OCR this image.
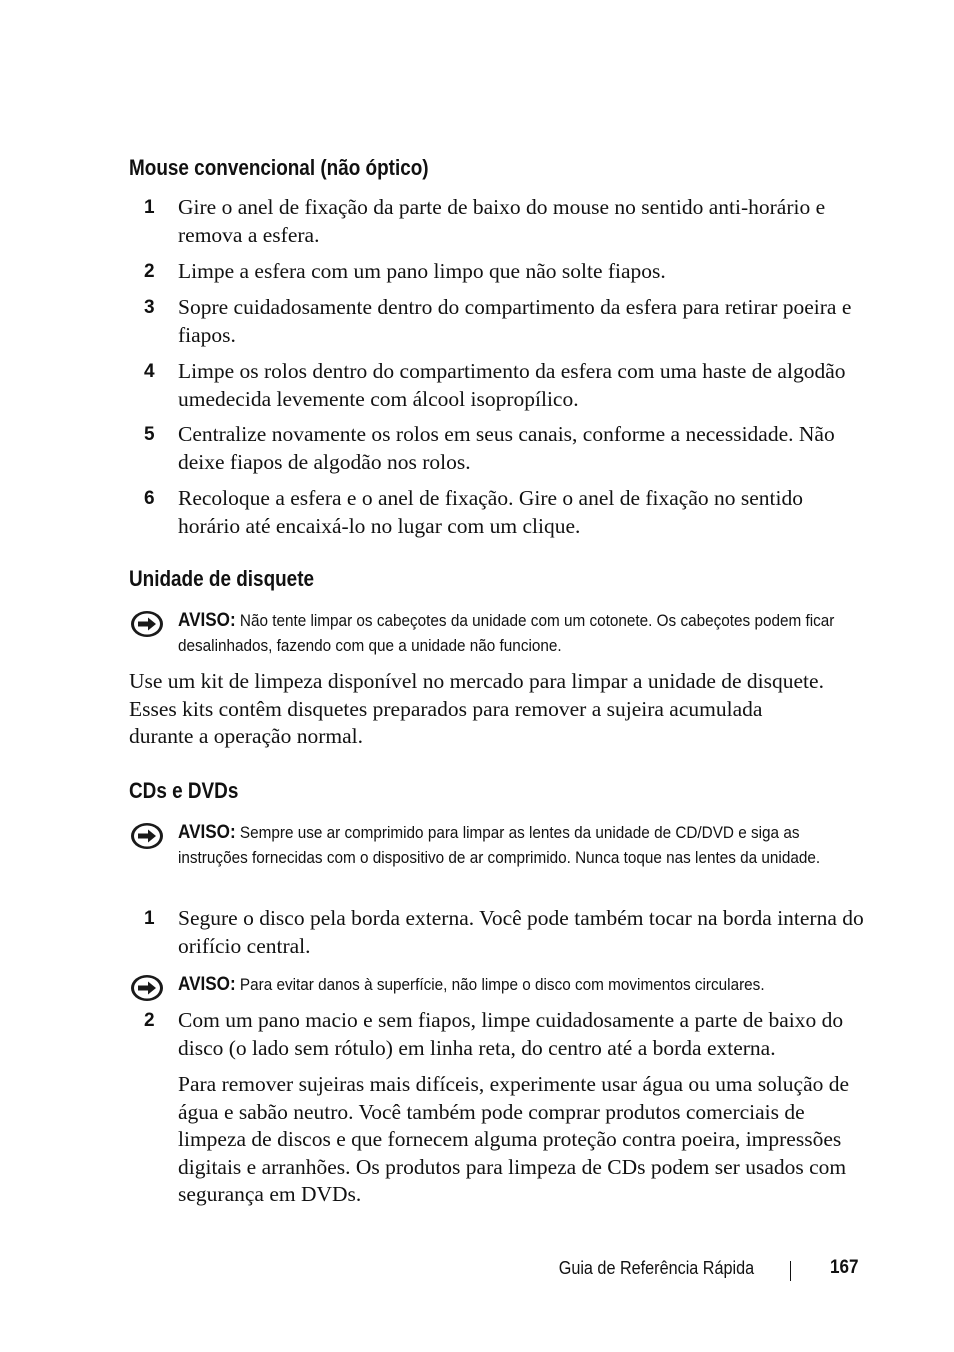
Mouse convencional (não óptico)
1 Gire o anel de fixação da parte de baixo do mouse no sentido anti-horário e remova a esfera.
2 Limpe a esfera com um pano limpo que não solte fiapos.
3 Sopre cuidadosamente dentro do compartimento da esfera para retirar poeira e fiapos.
4 Limpe os rolos dentro do compartimento da esfera com uma haste de algodão umedecida levemente com álcool isopropílico.
5 Centralize novamente os rolos em seus canais, conforme a necessidade. Não deixe fiapos de algodão nos rolos.
6 Recoloque a esfera e o anel de fixação. Gire o anel de fixação no sentido horário até encaixá-lo no lugar com um clique.
Unidade de disquete
AVISO: Não tente limpar os cabeçotes da unidade com um cotonete. Os cabeçotes podem ficar desalinhados, fazendo com que a unidade não funcione.
Use um kit de limpeza disponível no mercado para limpar a unidade de disquete. Esses kits contêm disquetes preparados para remover a sujeira acumulada durante a operação normal.
CDs e DVDs
AVISO: Sempre use ar comprimido para limpar as lentes da unidade de CD/DVD e siga as instruções fornecidas com o dispositivo de ar comprimido. Nunca toque nas lentes da unidade.
1 Segure o disco pela borda externa. Você pode também tocar na borda interna do orifício central.
AVISO: Para evitar danos à superfície, não limpe o disco com movimentos circulares.
2 Com um pano macio e sem fiapos, limpe cuidadosamente a parte de baixo do disco (o lado sem rótulo) em linha reta, do centro até a borda externa.
Para remover sujeiras mais difíceis, experimente usar água ou uma solução de água e sabão neutro. Você também pode comprar produtos comerciais de limpeza de discos e que fornecem alguma proteção contra poeira, impressões digitais e arranhões. Os produtos para limpeza de CDs podem ser usados com segurança em DVDs.
Guia de Referência Rápida	167
